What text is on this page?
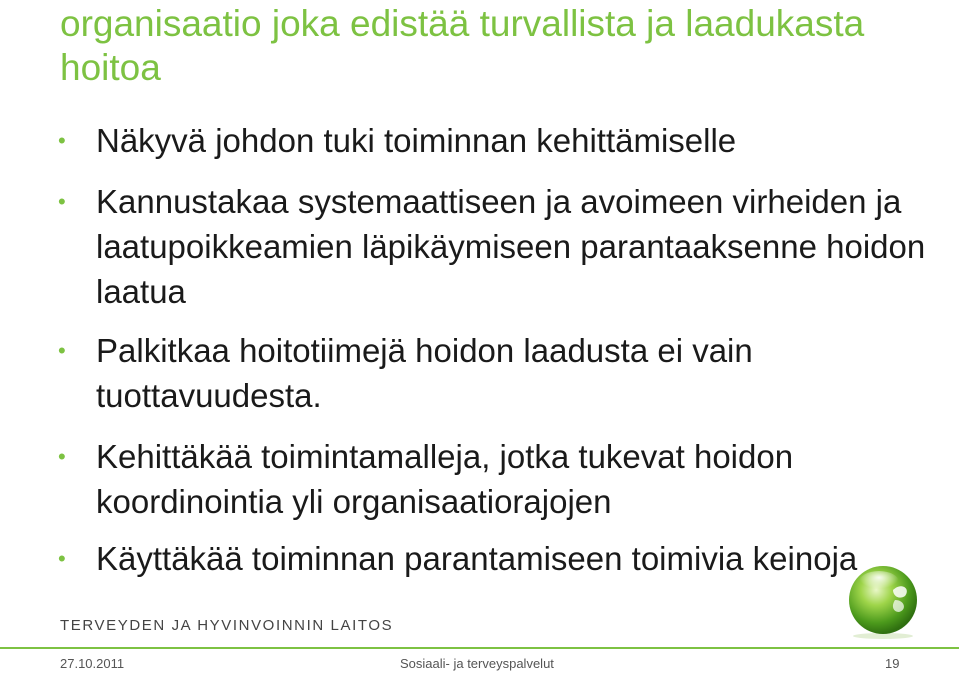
organisaatio joka edistää turvallista ja laadukasta hoitoa
• Näkyvä johdon tuki toiminnan kehittämiselle
• Kannustakaa systemaattiseen ja avoimeen virheiden ja laatupoikkeamien läpikäymiseen parantaaksenne hoidon laatua
• Palkitkaa hoitotiimejä hoidon laadusta ei vain tuottavuudesta.
• Kehittäkää toimintamalleja, jotka tukevat hoidon koordinointia yli organisaatiorajojen
• Käyttäkää toiminnan parantamiseen toimivia keinoja
TERVEYDEN JA HYVINVOINNIN LAITOS
27.10.2011	Sosiaali- ja terveyspalvelut	19
